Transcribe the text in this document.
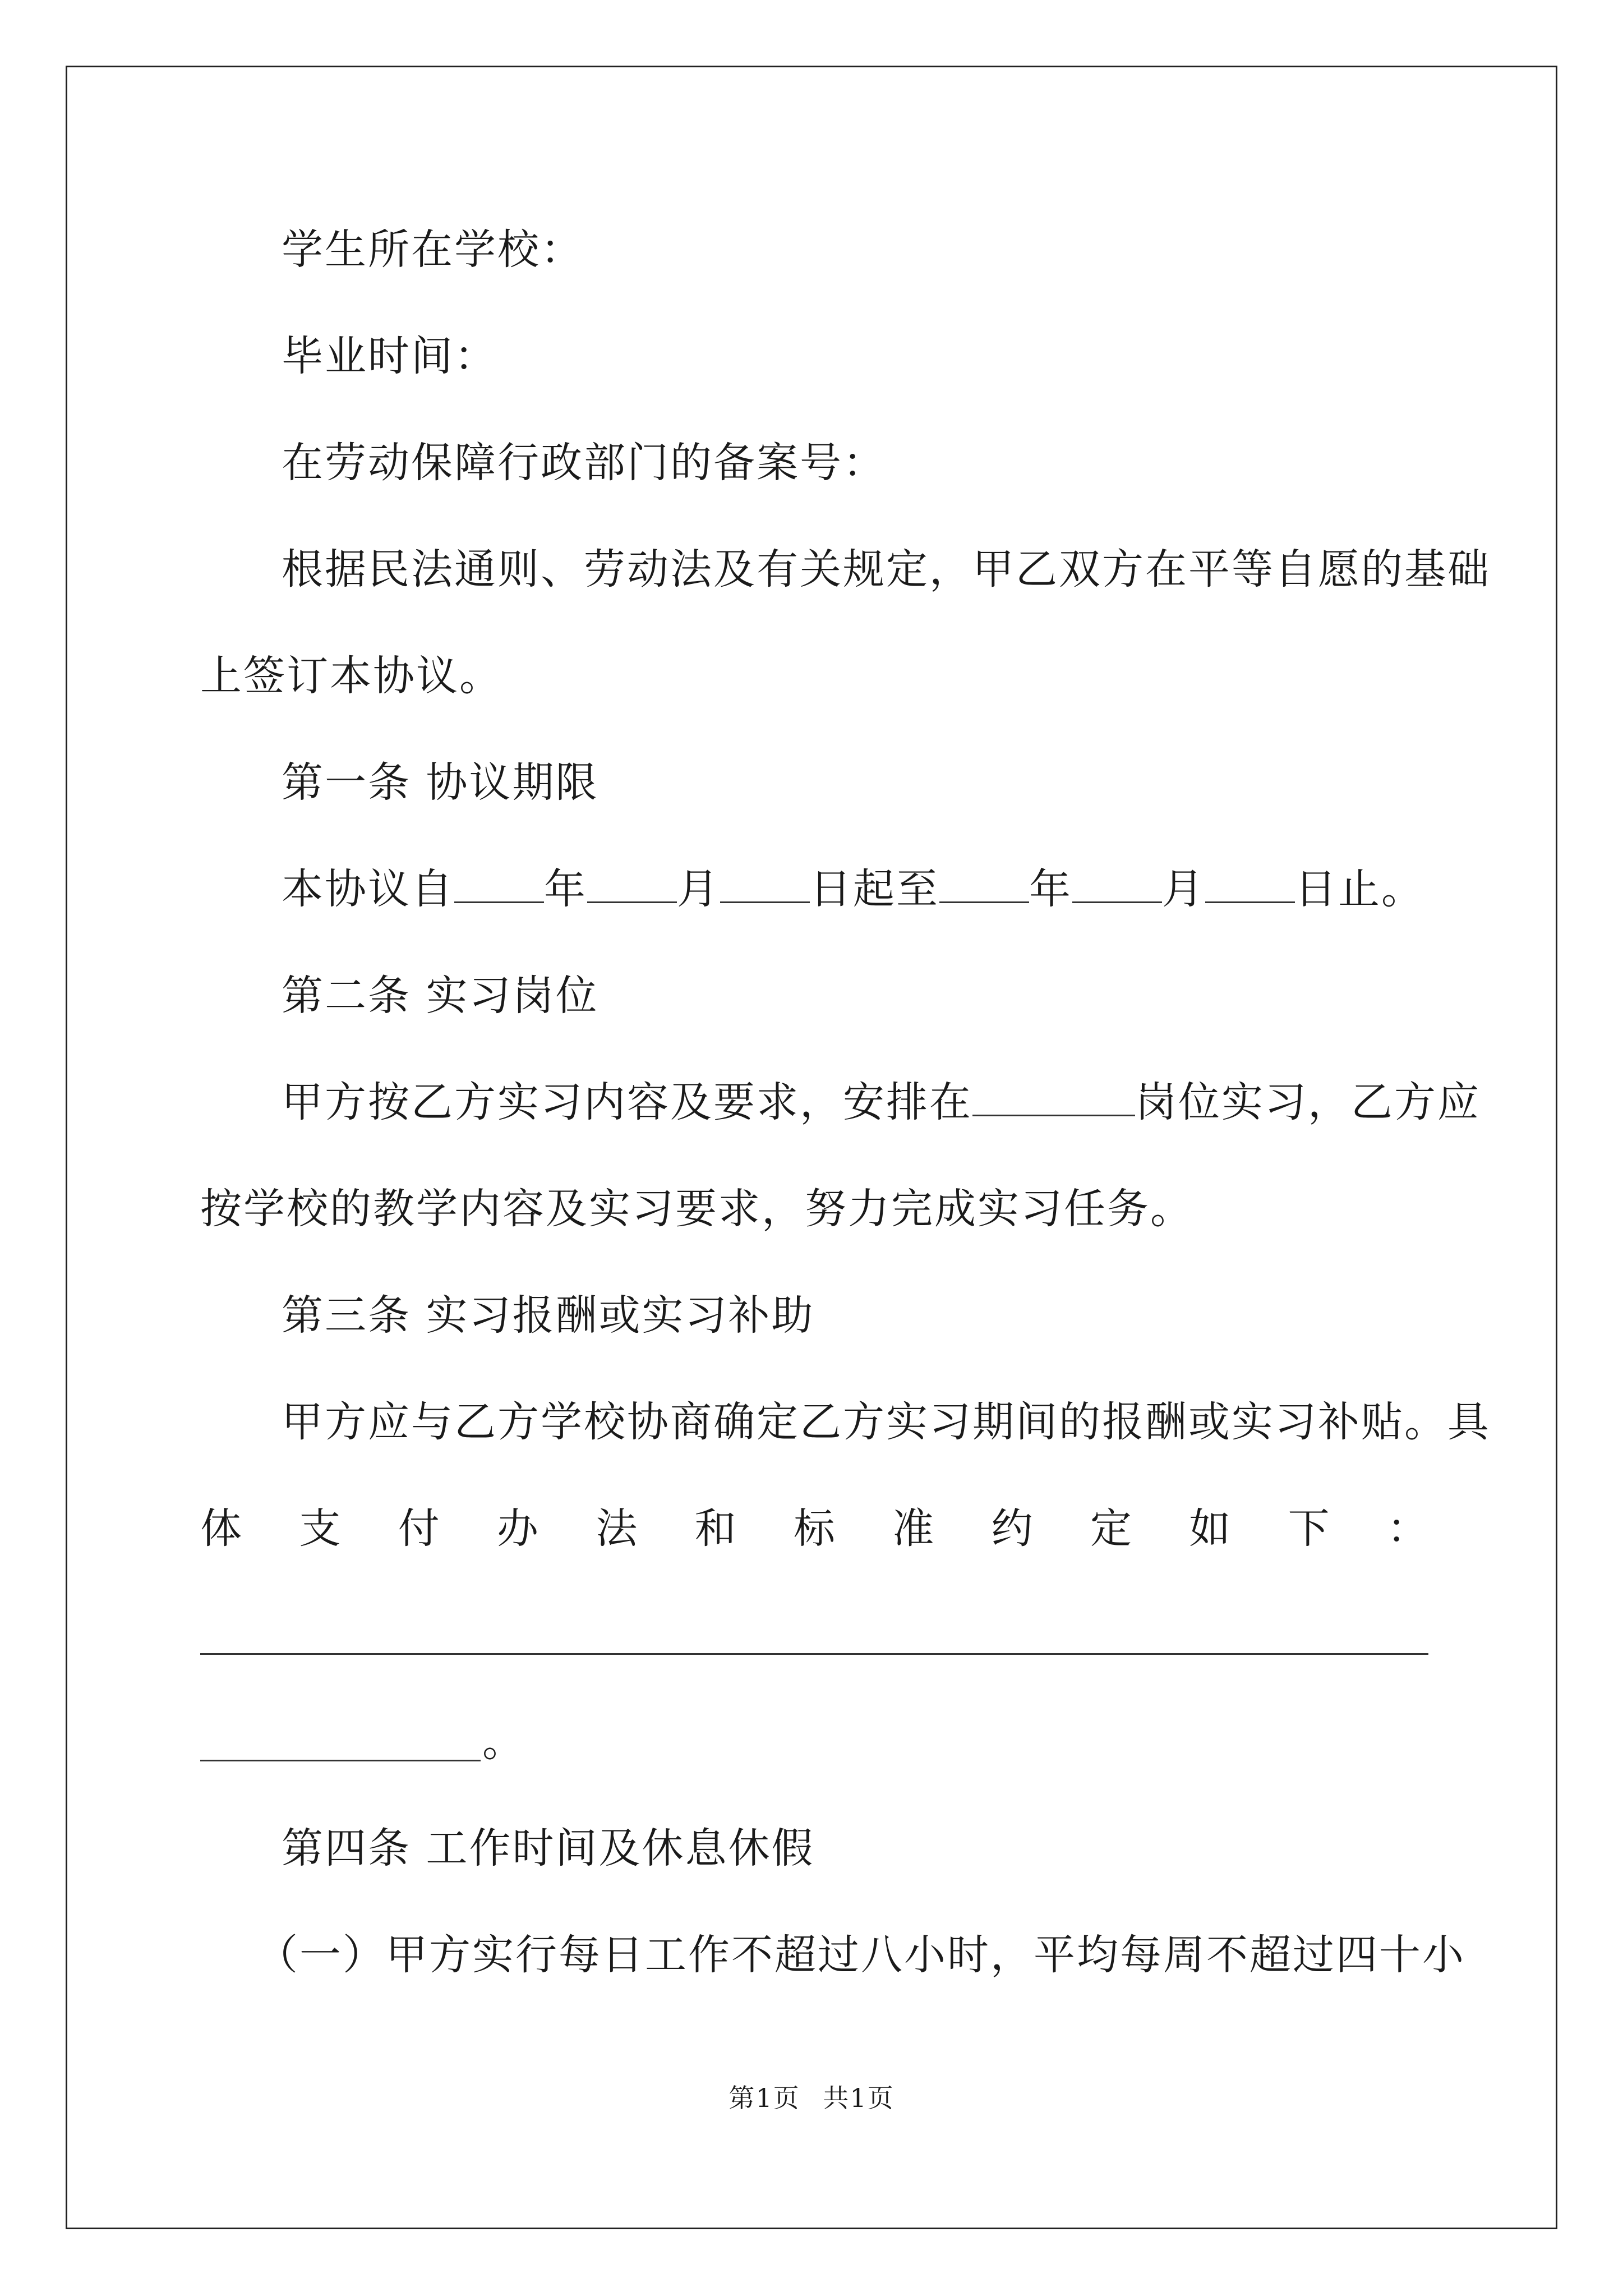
学生所在学校：
毕业时间：
在劳动保障行政部门的备案号：
根据民法通则、劳动法及有关规定，甲乙双方在平等自愿的基础
上签订本协议。
第一条 协议期限
本协议自 年 月 日起至 年 月 日止。
第二条 实习岗位
甲方按乙方实习内容及要求，安排在	岗位实习，乙方应
按学校的教学内容及实习要求，努力完成实习任务。
第三条 实习报酬或实习补助
甲方应与乙方学校协商确定乙方实习期间的报酬或实习补贴。具
体 支 付 办 法 和 标 准 约 定 如 下 ：
。
第四条 工作时间及休息休假
（一）甲方实行每日工作不超过八小时，平均每周不超过四十小
第1页 共1页
